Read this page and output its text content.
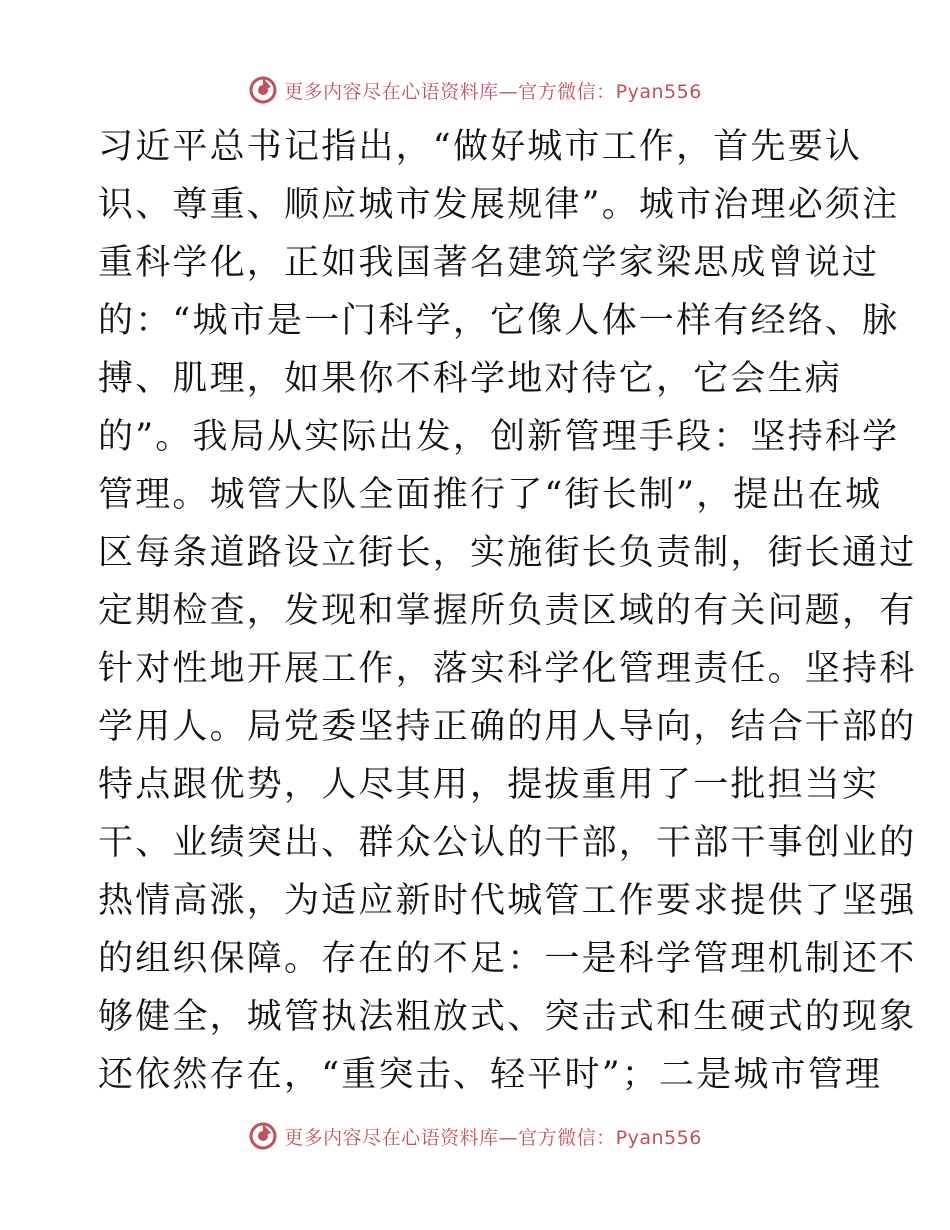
更多内容尽在心语资料库—官方微信：Pyan556
习近平总书记指出，“做好城市工作，首先要认
识、尊重、顺应城市发展规律”。城市治理必须注
重科学化，正如我国著名建筑学家梁思成曾说过
的：“城市是一门科学，它像人体一样有经络、脉
搏、肌理，如果你不科学地对待它，它会生病
的”。我局从实际出发，创新管理手段：坚持科学
管理。城管大队全面推行了“街长制”，提出在城
区每条道路设立街长，实施街长负责制，街长通过
定期检查，发现和掌握所负责区域的有关问题，有
针对性地开展工作，落实科学化管理责任。坚持科
学用人。局党委坚持正确的用人导向，结合干部的
特点跟优势，人尽其用，提拔重用了一批担当实
干、业绩突出、群众公认的干部，干部干事创业的
热情高涨，为适应新时代城管工作要求提供了坚强
的组织保障。存在的不足：一是科学管理机制还不
够健全，城管执法粗放式、突击式和生硬式的现象
还依然存在，“重突击、轻平时”；二是城市管理
更多内容尽在心语资料库—官方微信：Pyan556
